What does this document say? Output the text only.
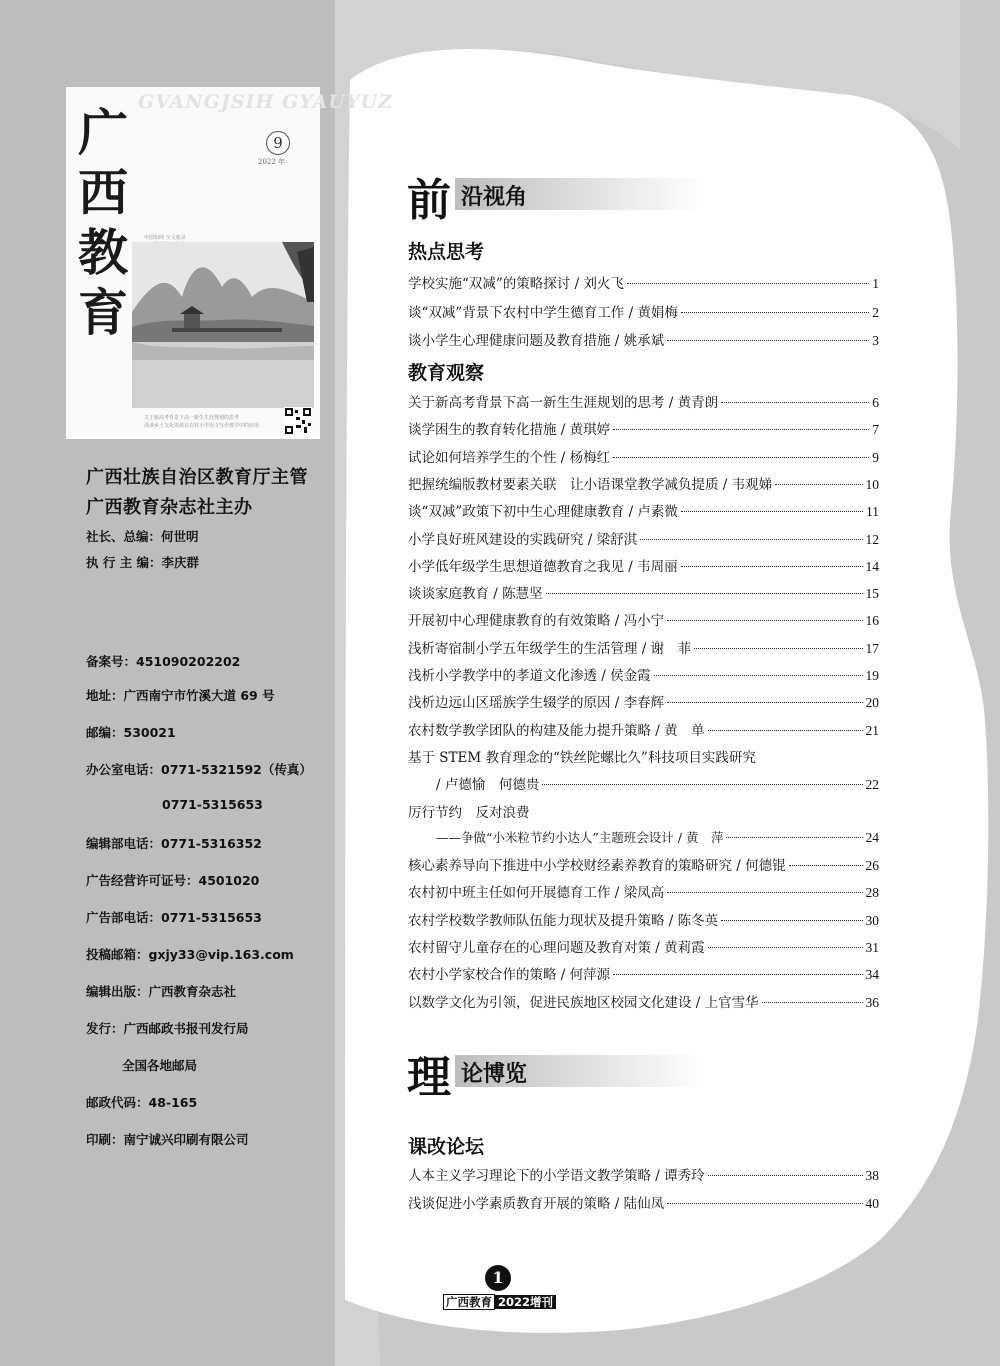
GVANGJSIH GYAUYUZ
广
西
教
育
9
2022 年
中国知网 全文收录
关于新高考背景下高一新生生涯规划的思考
浅谈乡土文化资源在农村小学语文写作教学中的应用
广西壮族自治区教育厅主管
广西教育杂志社主办
社长、总编：何世明
执 行 主 编：李庆群
备案号：451090202202
地址：广西南宁市竹溪大道 69 号
邮编：530021
办公室电话：0771-5321592（传真）
0771-5315653
编辑部电话：0771-5316352
广告经营许可证号：4501020
广告部电话：0771-5315653
投稿邮箱：gxjy33@vip.163.com
编辑出版：广西教育杂志社
发行：广西邮政书报刊发行局
全国各地邮局
邮政代码：48-165
印刷：南宁诚兴印刷有限公司
前 沿视角
热点思考
学校实施“双减”的策略探讨 / 刘火飞	1
谈“双减”背景下农村中学生德育工作 / 黄娟梅	2
谈小学生心理健康问题及教育措施 / 姚承斌	3
教育观察
关于新高考背景下高一新生生涯规划的思考 / 黄青朗	6
谈学困生的教育转化措施 / 黄琪婷	7
试论如何培养学生的个性 / 杨梅红	9
把握统编版教材要素关联　让小语课堂教学减负提质 / 韦观娣	10
谈“双减”政策下初中生心理健康教育 / 卢素微	11
小学良好班风建设的实践研究 / 梁舒淇	12
小学低年级学生思想道德教育之我见 / 韦周丽	14
谈谈家庭教育 / 陈慧坚	15
开展初中心理健康教育的有效策略 / 冯小宁	16
浅析寄宿制小学五年级学生的生活管理 / 谢　菲	17
浅析小学教学中的孝道文化渗透 / 侯金霞	19
浅析边远山区瑶族学生辍学的原因 / 李春辉	20
农村数学教学团队的构建及能力提升策略 / 黄　单	21
基于 STEM 教育理念的“铁丝陀螺比久”科技项目实践研究
/ 卢德愉　何德贵	22
厉行节约　反对浪费
——争做“小米粒节约小达人”主题班会设计 / 黄　萍	24
核心素养导向下推进中小学校财经素养教育的策略研究 / 何德锟	26
农村初中班主任如何开展德育工作 / 梁凤高	28
农村学校数学教师队伍能力现状及提升策略 / 陈冬英	30
农村留守儿童存在的心理问题及教育对策 / 黄莉霞	31
农村小学家校合作的策略 / 何萍源	34
以数学文化为引领，促进民族地区校园文化建设 / 上官雪华	36
理 论博览
课改论坛
人本主义学习理论下的小学语文教学策略 / 谭秀玲	38
浅谈促进小学素质教育开展的策略 / 陆仙凤	40
1
广西教育 2022增刊
